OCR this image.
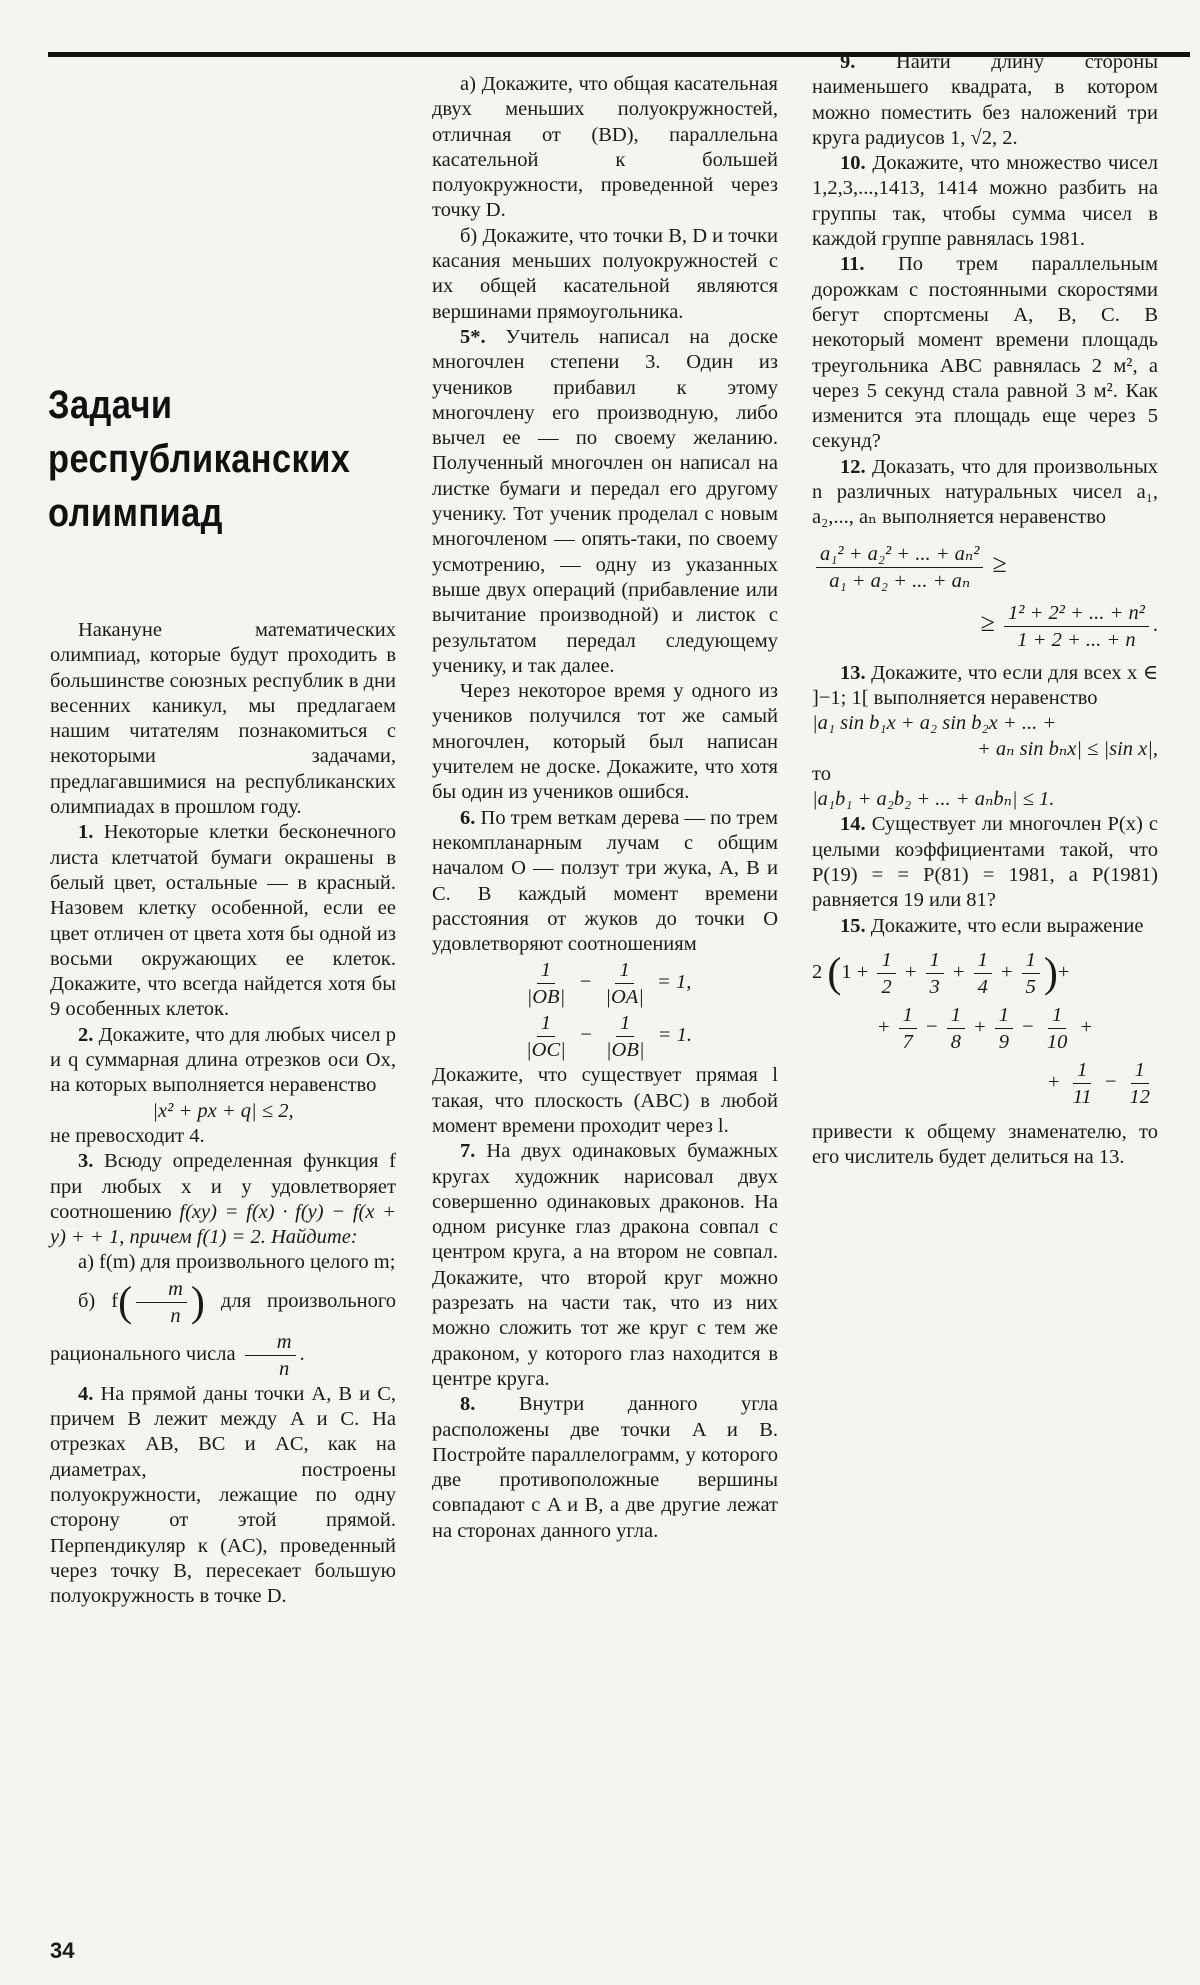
Задачи
республиканских
олимпиад

Накануне математических олимпиад, которые будут проходить в большинстве союзных республик в дни весенних каникул, мы предлагаем нашим читателям познакомиться с некоторыми задачами, предлагавшимися на республиканских олимпиадах в прошлом году.

1. Некоторые клетки бесконечного листа клетчатой бумаги окрашены в белый цвет, остальные — в красный. Назовем клетку особенной, если ее цвет отличен от цвета хотя бы одной из восьми окружающих ее клеток. Докажите, что всегда найдется хотя бы 9 особенных клеток.

2. Докажите, что для любых чисел p и q суммарная длина отрезков оси Ox, на которых выполняется неравенство

|x² + px + q| ≤ 2,

не превосходит 4.

3. Всюду определенная функция f при любых x и y удовлетворяет соотношению f(xy) = f(x) · f(y) − f(x + y) + + 1, причем f(1) = 2. Найдите:

а) f(m) для произвольного целого m;

б) $f( \frac{m}{n}$ ) для произвольного рационального числа $\frac{m}{n}$ .

4. На прямой даны точки A, B и C, причем B лежит между A и C. На отрезках AB, BC и AC, как на диаметрах, построены полуокружности, лежащие по одну сторону от этой прямой. Перпендикуляр к (AC), проведенный через точку B, пересекает большую полуокружность в точке D.

а) Докажите, что общая касательная двух меньших полуокружностей, отличная от (BD), параллельна касательной к большей полуокружности, проведенной через точку D.

б) Докажите, что точки B, D и точки касания меньших полуокружностей с их общей касательной являются вершинами прямоугольника.

5*. Учитель написал на доске многочлен степени 3. Один из учеников прибавил к этому многочлену его производную, либо вычел ее — по своему желанию. Полученный многочлен он написал на листке бумаги и передал его другому ученику. Тот ученик проделал с новым многочленом — опять-таки, по своему усмотрению, — одну из указанных выше двух операций (прибавление или вычитание производной) и листок с результатом передал следующему ученику, и так далее.

Через некоторое время у одного из учеников получился тот же самый многочлен, который был написан учителем не доске. Докажите, что хотя бы один из учеников ошибся.

6. По трем веткам дерева — по трем некомпланарным лучам с общим началом O — ползут три жука, A, B и C. В каждый момент времени расстояния от жуков до точки O удовлетворяют соотношениям

$\frac{1}{|OB|} - \frac{1}{|OA|} = 1$,

$\frac{1}{|OC|} - \frac{1}{|OB|} = 1$.

Докажите, что существует прямая l такая, что плоскость (ABC) в любой момент времени проходит через l.

7. На двух одинаковых бумажных кругах художник нарисовал двух совершенно одинаковых драконов. На одном рисунке глаз дракона совпал с центром круга, а на втором не совпал. Докажите, что второй круг можно разрезать на части так, что из них можно сложить тот же круг с тем же драконом, у которого глаз находится в центре круга.

8. Внутри данного угла расположены две точки A и B. Постройте параллелограмм, у которого две противоположные вершины совпадают с A и B, а две другие лежат на сторонах данного угла.

9. Найти длину стороны наименьшего квадрата, в котором можно поместить без наложений три круга радиусов 1, √2, 2.

10. Докажите, что множество чисел 1,2,3,...,1413, 1414 можно разбить на группы так, чтобы сумма чисел в каждой группе равнялась 1981.

11. По трем параллельным дорожкам с постоянными скоростями бегут спортсмены A, B, C. В некоторый момент времени площадь треугольника ABC равнялась 2 м², а через 5 секунд стала равной 3 м². Как изменится эта площадь еще через 5 секунд?

12. Доказать, что для произвольных n различных натуральных чисел a₁, a₂,..., aₙ выполняется неравенство

$\frac{\text{a₁² + a₂² + ... + aₙ²}}{\text{a₁ + a₂ + ... + aₙ}}$ ≥

≥ $\frac{\text{1² + 2² + ... + n²}}{1 + 2 + ... + n}$ .

13. Докажите, что если для всех x ∈ ]−1; 1[ выполняется неравенство

|a₁ sin b₁x + a₂ sin b₂x + ... +

+ aₙ sin bₙx| ≤ |sin x|,

то

|a₁b₁ + a₂b₂ + ... + aₙbₙ| ≤ 1.

14. Существует ли многочлен P(x) с целыми коэффициентами такой, что P(19) = = P(81) = 1981, а P(1981) равняется 19 или 81?

15. Докажите, что если выражение

2 ($1 + \frac{1}{2} + \frac{1}{3} + \frac{1}{4} + \frac{1}{5}$ )+

+ $\frac{1}{7} - \frac{1}{8} + \frac{1}{9} - \frac{1}{10}$ +

+ $\frac{1}{11} - \frac{1}{12}$

привести к общему знаменателю, то его числитель будет делиться на 13.

34
